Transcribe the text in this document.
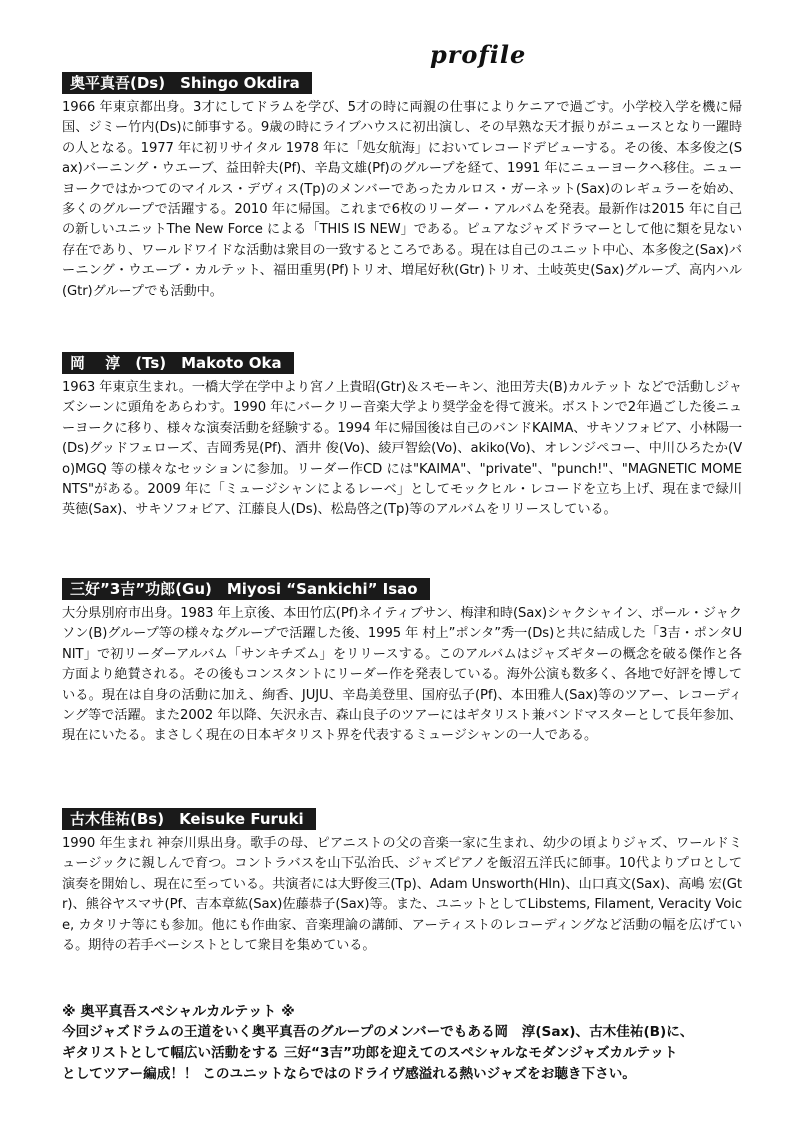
profile
奥平真吾(Ds)　Shingo Okdira

1966 年東京都出身。3才にしてドラムを学び、5才の時に両親の仕事によりケニアで過ごす。小学校入学を機に帰国、ジミー竹内(Ds)に師事する。9歳の時にライブハウスに初出演し、その早熟な天才振りがニュースとなり一躍時の人となる。1977 年に初リサイタル 1978 年に「処女航海」においてレコードデビューする。その後、本多俊之(Sax)バーニング・ウエーブ、益田幹夫(Pf)、辛島文雄(Pf)のグループを経て、1991 年にニューヨークへ移住。ニューヨークではかつてのマイルス・デヴィス(Tp)のメンバーであったカルロス・ガーネット(Sax)のレギュラーを始め、多くのグループで活躍する。2010 年に帰国。これまで6枚のリーダー・アルバムを発表。最新作は2015 年に自己の新しいユニットThe New Force による「THIS IS NEW」である。ピュアなジャズドラマーとして他に類を見ない存在であり、ワールドワイドな活動は衆目の一致するところである。現在は自己のユニット中心、本多俊之(Sax)バーニング・ウエーブ・カルテット、福田重男(Pf)トリオ、増尾好秋(Gtr)トリオ、土岐英史(Sax)グループ、高内ハル(Gtr)グループでも活動中。

岡　 淳　(Ts)　Makoto Oka

1963 年東京生まれ。一橋大学在学中より宮ノ上貴昭(Gtr)＆スモーキン、池田芳夫(B)カルテット などで活動しジャズシーンに頭角をあらわす。1990 年にバークリー音楽大学より奨学金を得て渡米。ボストンで2年過ごした後ニューヨークに移り、様々な演奏活動を経験する。1994 年に帰国後は自己のバンドKAIMA、サキソフォビア、小林陽一(Ds)グッドフェローズ、吉岡秀晃(Pf)、酒井 俊(Vo)、綾戸智絵(Vo)、akiko(Vo)、オレンジペコー、中川ひろたか(Vo)MGQ 等の様々なセッションに参加。リーダー作CD には"KAIMA"、"private"、"punch!"、"MAGNETIC MOMENTS"がある。2009 年に「ミュージシャンによるレーベ」としてモックヒル・レコードを立ち上げ、現在まで緑川英徳(Sax)、サキソフォビア、江藤良人(Ds)、松島啓之(Tp)等のアルバムをリリースしている。

三好”3吉”功郎(Gu)　Miyosi “Sankichi” Isao

大分県別府市出身。1983 年上京後、本田竹広(Pf)ネイティブサン、梅津和時(Sax)シャクシャイン、ポール・ジャクソン(B)グループ等の様々なグループで活躍した後、1995 年 村上”ポンタ”秀一(Ds)と共に結成した「3吉・ポンタUNIT」で初リーダーアルバム「サンキチズム」をリリースする。このアルバムはジャズギターの概念を破る傑作と各方面より絶賛される。その後もコンスタントにリーダー作を発表している。海外公演も数多く、各地で好評を博している。現在は自身の活動に加え、絢香、JUJU、辛島美登里、国府弘子(Pf)、本田雅人(Sax)等のツアー、レコーディング等で活躍。また2002 年以降、矢沢永吉、森山良子のツアーにはギタリスト兼バンドマスターとして長年参加、現在にいたる。まさしく現在の日本ギタリスト界を代表するミュージシャンの一人である。

古木佳祐(Bs)　Keisuke Furuki

1990 年生まれ 神奈川県出身。歌手の母、ピアニストの父の音楽一家に生まれ、幼少の頃よりジャズ、ワールドミュージックに親しんで育つ。コントラバスを山下弘治氏、ジャズピアノを飯沼五洋氏に師事。10代よりプロとして演奏を開始し、現在に至っている。共演者には大野俊三(Tp)、Adam Unsworth(Hln)、山口真文(Sax)、高嶋 宏(Gtr)、熊谷ヤスマサ(Pf、吉本章紘(Sax)佐藤恭子(Sax)等。また、ユニットとしてLibstems, Filament, Veracity Voice, カタリナ等にも参加。他にも作曲家、音楽理論の講師、アーティストのレコーディングなど活動の幅を広げている。期待の若手ベーシストとして衆目を集めている。

※ 奥平真吾スペシャルカルテット ※

今回ジャズドラムの王道をいく奥平真吾のグループのメンバーでもある岡　淳(Sax)、古木佳祐(B)に、

ギタリストとして幅広い活動をする 三好“3吉”功郎を迎えてのスペシャルなモダンジャズカルテット

としてツアー編成！！ このユニットならではのドライヴ感溢れる熱いジャズをお聴き下さい。
